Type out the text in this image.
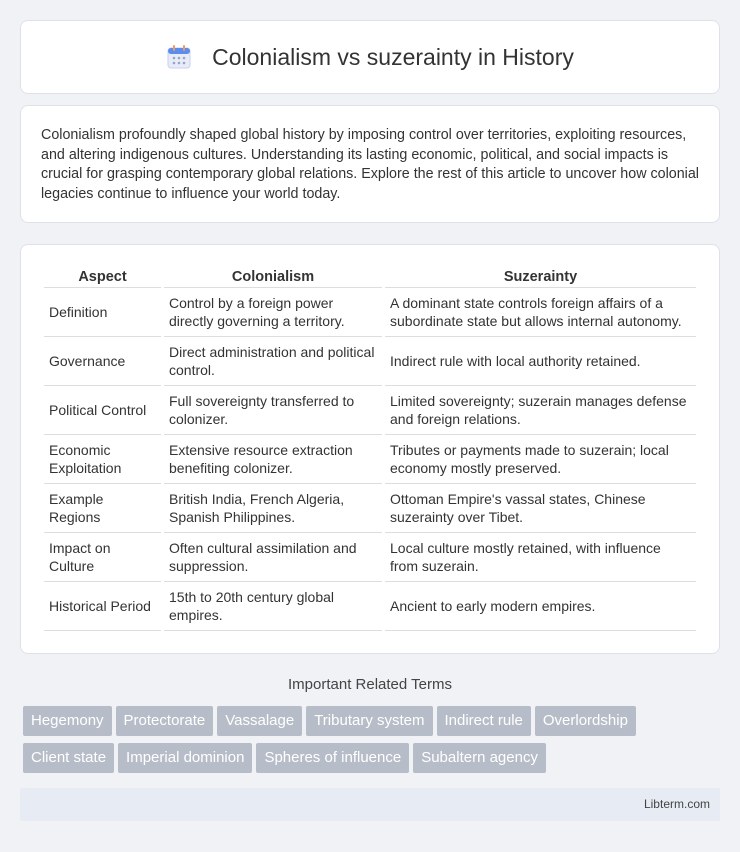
Colonialism vs suzerainty in History

Colonialism profoundly shaped global history by imposing control over territories, exploiting resources, and altering indigenous cultures. Understanding its lasting economic, political, and social impacts is crucial for grasping contemporary global relations. Explore the rest of this article to uncover how colonial legacies continue to influence your world today.

Aspect	Colonialism	Suzerainty
Definition	Control by a foreign power directly governing a territory.	A dominant state controls foreign affairs of a subordinate state but allows internal autonomy.
Governance	Direct administration and political control.	Indirect rule with local authority retained.
Political Control	Full sovereignty transferred to colonizer.	Limited sovereignty; suzerain manages defense and foreign relations.
Economic Exploitation	Extensive resource extraction benefiting colonizer.	Tributes or payments made to suzerain; local economy mostly preserved.
Example Regions	British India, French Algeria, Spanish Philippines.	Ottoman Empire's vassal states, Chinese suzerainty over Tibet.
Impact on Culture	Often cultural assimilation and suppression.	Local culture mostly retained, with influence from suzerain.
Historical Period	15th to 20th century global empires.	Ancient to early modern empires.
Important Related Terms
Hegemony Protectorate Vassalage Tributary system Indirect rule Overlordship
Client state Imperial dominion Spheres of influence Subaltern agency
Libterm.com
